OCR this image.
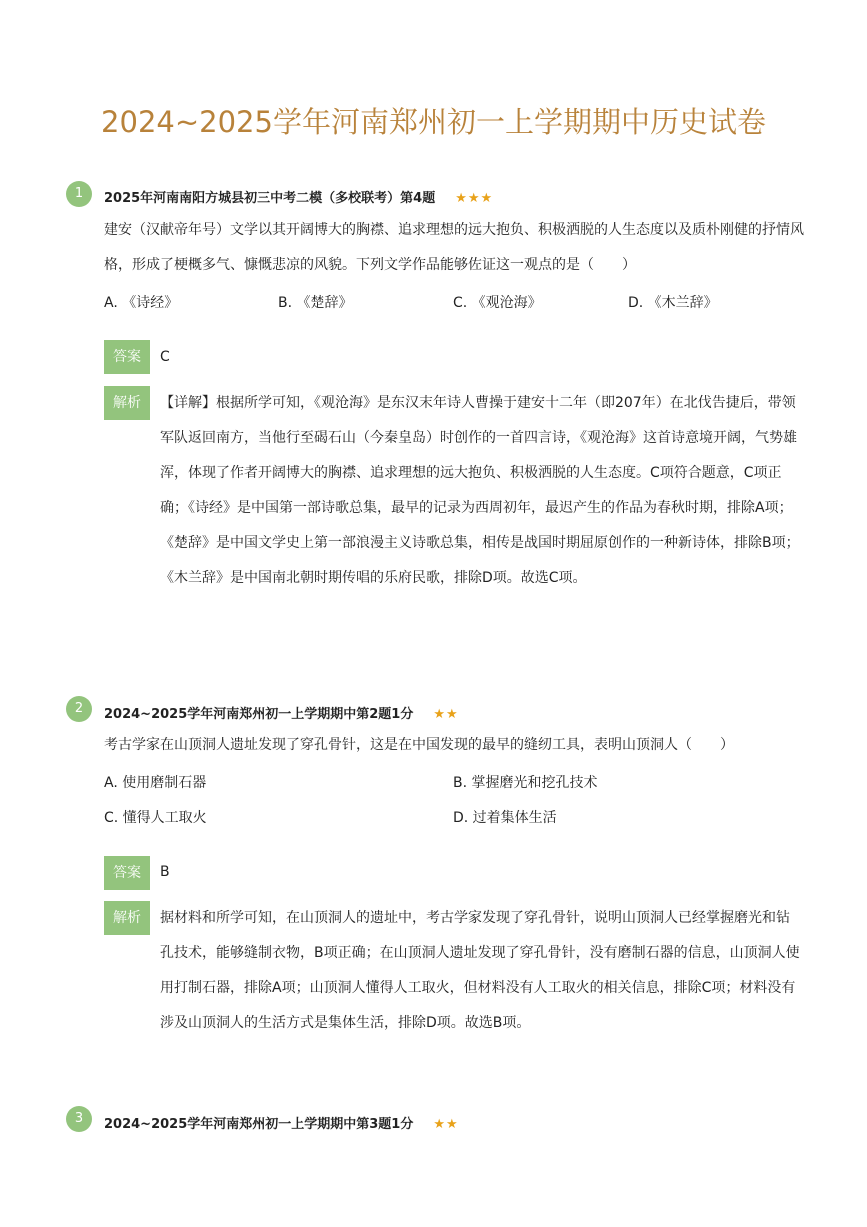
2024~2025学年河南郑州初一上学期期中历史试卷
1	2025年河南南阳方城县初三中考二模（多校联考）第4题 ★★★
建安（汉献帝年号）文学以其开阔博大的胸襟、追求理想的远大抱负、积极洒脱的人生态度以及质朴刚健的抒情风格，形成了梗概多气、慷慨悲凉的风貌。下列文学作品能够佐证这一观点的是（　　）
A. 《诗经》	B. 《楚辞》	C. 《观沧海》	D. 《木兰辞》
答案	C
解析	【详解】根据所学可知，《观沧海》是东汉末年诗人曹操于建安十二年（即207年）在北伐告捷后，带领军队返回南方，当他行至碣石山（今秦皇岛）时创作的一首四言诗，《观沧海》这首诗意境开阔，气势雄浑，体现了作者开阔博大的胸襟、追求理想的远大抱负、积极洒脱的人生态度。C项符合题意，C项正确；《诗经》是中国第一部诗歌总集，最早的记录为西周初年，最迟产生的作品为春秋时期，排除A项；《楚辞》是中国文学史上第一部浪漫主义诗歌总集，相传是战国时期屈原创作的一种新诗体，排除B项；《木兰辞》是中国南北朝时期传唱的乐府民歌，排除D项。故选C项。
2	2024~2025学年河南郑州初一上学期期中第2题1分 ★★
考古学家在山顶洞人遗址发现了穿孔骨针，这是在中国发现的最早的缝纫工具，表明山顶洞人（　　）
A. 使用磨制石器	B. 掌握磨光和挖孔技术
C. 懂得人工取火	D. 过着集体生活
答案	B
解析	据材料和所学可知，在山顶洞人的遗址中，考古学家发现了穿孔骨针，说明山顶洞人已经掌握磨光和钻孔技术，能够缝制衣物，B项正确；在山顶洞人遗址发现了穿孔骨针，没有磨制石器的信息，山顶洞人使用打制石器，排除A项；山顶洞人懂得人工取火，但材料没有人工取火的相关信息，排除C项；材料没有涉及山顶洞人的生活方式是集体生活，排除D项。故选B项。
3	2024~2025学年河南郑州初一上学期期中第3题1分 ★★
